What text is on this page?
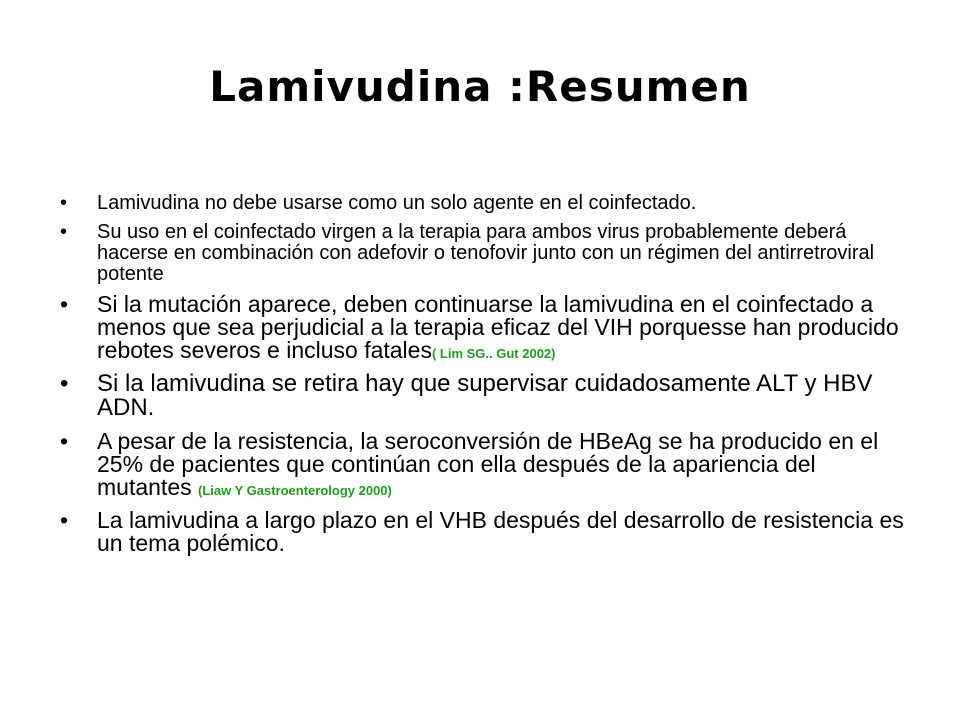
Lamivudina :Resumen
• Lamivudina no debe usarse como un solo agente en el coinfectado.
• Su uso en el coinfectado virgen a la terapia para ambos virus probablemente deberá hacerse en combinación con adefovir o tenofovir junto con un régimen del antirretroviral potente
• Si la mutación aparece, deben continuarse la lamivudina en el coinfectado a menos que sea perjudicial a la terapia eficaz del VIH porquesse han producido rebotes severos e incluso fatales( Lim SG.. Gut 2002)
• Si la lamivudina se retira hay que supervisar cuidadosamente ALT y HBV ADN.
• A pesar de la resistencia, la seroconversión de HBeAg se ha producido en el 25% de pacientes que continúan con ella después de la apariencia del mutantes (Liaw Y Gastroenterology 2000)
• La lamivudina a largo plazo en el VHB después del desarrollo de resistencia es un tema polémico.
